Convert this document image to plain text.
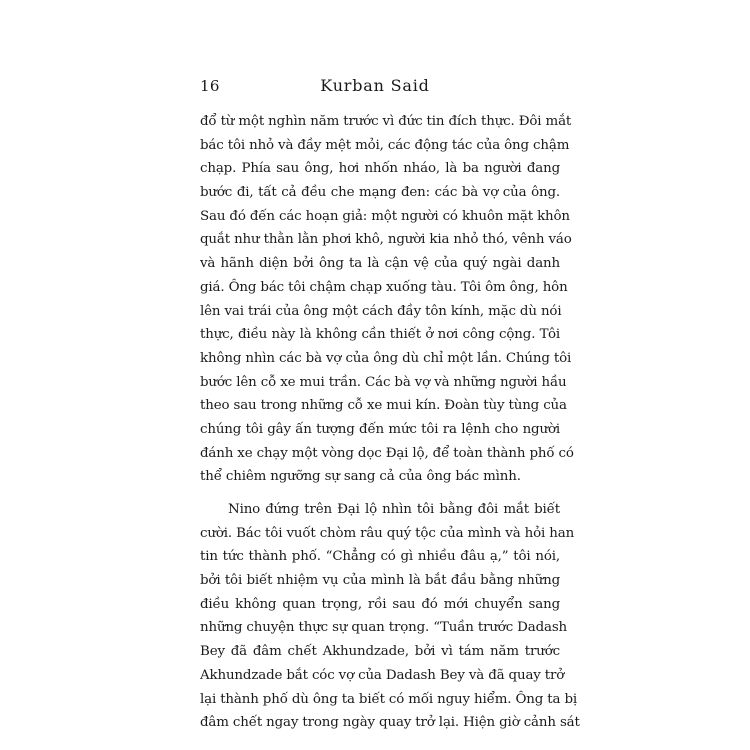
16	Kurban Said
đổ từ một nghìn năm trước vì đức tin đích thực. Đôi mắt
bác tôi nhỏ và đầy mệt mỏi, các động tác của ông chậm
chạp. Phía sau ông, hơi nhốn nháo, là ba người đang
bước đi, tất cả đều che mạng đen: các bà vợ của ông.
Sau đó đến các hoạn giả: một người có khuôn mặt khôn
quắt như thằn lằn phơi khô, người kia nhỏ thó, vênh váo
và hãnh diện bởi ông ta là cận vệ của quý ngài danh
giá. Ông bác tôi chậm chạp xuống tàu. Tôi ôm ông, hôn
lên vai trái của ông một cách đầy tôn kính, mặc dù nói
thực, điều này là không cần thiết ở nơi công cộng. Tôi
không nhìn các bà vợ của ông dù chỉ một lần. Chúng tôi
bước lên cỗ xe mui trần. Các bà vợ và những người hầu
theo sau trong những cỗ xe mui kín. Đoàn tùy tùng của
chúng tôi gây ấn tượng đến mức tôi ra lệnh cho người
đánh xe chạy một vòng dọc Đại lộ, để toàn thành phố có
thể chiêm ngưỡng sự sang cả của ông bác mình.
Nino đứng trên Đại lộ nhìn tôi bằng đôi mắt biết
cười. Bác tôi vuốt chòm râu quý tộc của mình và hỏi han
tin tức thành phố. “Chẳng có gì nhiều đâu ạ,” tôi nói,
bởi tôi biết nhiệm vụ của mình là bắt đầu bằng những
điều không quan trọng, rồi sau đó mới chuyển sang
những chuyện thực sự quan trọng. “Tuần trước Dadash
Bey đã đâm chết Akhundzade, bởi vì tám năm trước
Akhundzade bắt cóc vợ của Dadash Bey và đã quay trở
lại thành phố dù ông ta biết có mối nguy hiểm. Ông ta bị
đâm chết ngay trong ngày quay trở lại. Hiện giờ cảnh sát
